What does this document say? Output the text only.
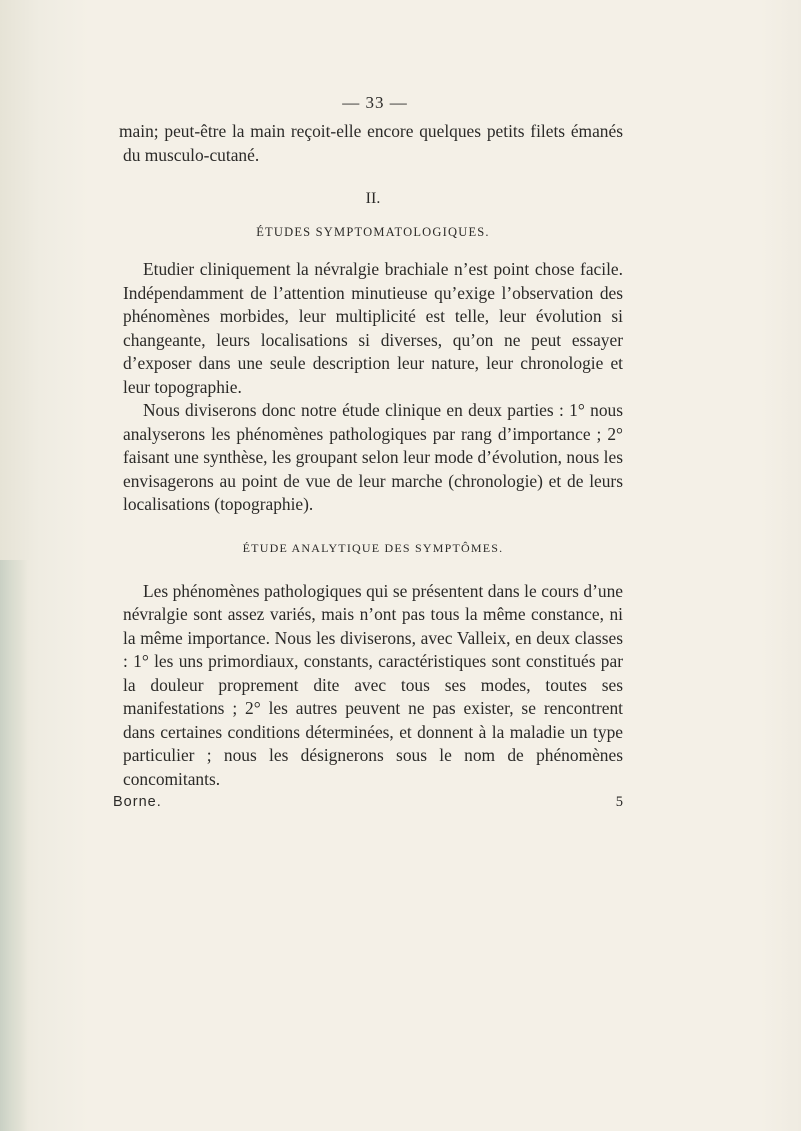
— 33 —

main; peut-être la main reçoit-elle encore quelques petits filets émanés du musculo-cutané.

II.
ÉTUDES SYMPTOMATOLOGIQUES.

Etudier cliniquement la névralgie brachiale n’est point chose facile. Indépendamment de l’attention minutieuse qu’exige l’observation des phénomènes morbides, leur multiplicité est telle, leur évolution si changeante, leurs localisations si diverses, qu’on ne peut essayer d’exposer dans une seule description leur nature, leur chronologie et leur topographie.

Nous diviserons donc notre étude clinique en deux parties : 1° nous analyserons les phénomènes pathologiques par rang d’importance ; 2° faisant une synthèse, les groupant selon leur mode d’évolution, nous les envisagerons au point de vue de leur marche (chronologie) et de leurs localisations (topographie).

ÉTUDE ANALYTIQUE DES SYMPTÔMES.

Les phénomènes pathologiques qui se présentent dans le cours d’une névralgie sont assez variés, mais n’ont pas tous la même constance, ni la même importance. Nous les diviserons, avec Valleix, en deux classes : 1° les uns primordiaux, constants, caractéristiques sont constitués par la douleur proprement dite avec tous ses modes, toutes ses manifestations ; 2° les autres peuvent ne pas exister, se rencontrent dans certaines conditions déterminées, et donnent à la maladie un type particulier ; nous les désignerons sous le nom de phénomènes concomitants.

Borne.	5
